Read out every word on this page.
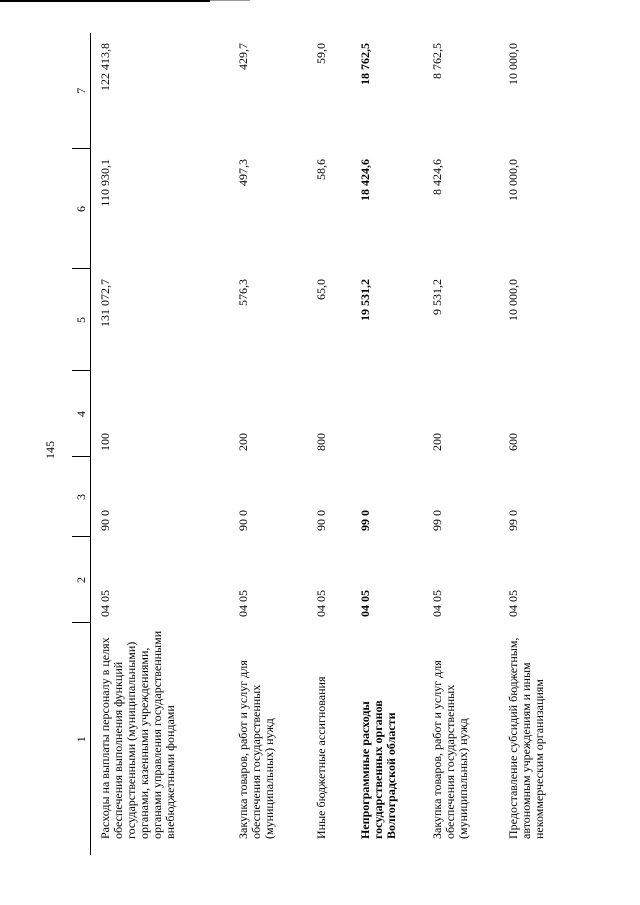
145
1	2	3	4	5	6	7
Расходы на выплаты персоналу в целях обеспечения выполнения функций государственными (муниципальными) органами, казенными учреждениями, органами управления государственными внебюджетными фондами	04 05	90 0	100	131 072,7	110 930,1	122 413,8
Закупка товаров, работ и услуг для обеспечения государственных (муниципальных) нужд	04 05	90 0	200	576,3	497,3	429,7
Иные бюджетные ассигнования	04 05	90 0	800	65,0	58,6	59,0
Непрограммные расходы государственных органов Волгоградской области	04 05	99 0		19 531,2	18 424,6	18 762,5
Закупка товаров, работ и услуг для обеспечения государственных (муниципальных) нужд	04 05	99 0	200	9 531,2	8 424,6	8 762,5
Предоставление субсидий бюджетным, автономным учреждениям и иным некоммерческим организациям	04 05	99 0	600	10 000,0	10 000,0	10 000,0
